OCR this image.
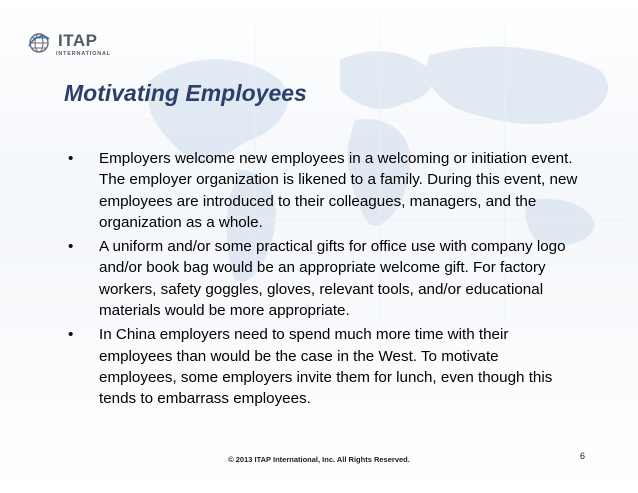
ITAP
INTERNATIONAL
Motivating Employees
• Employers welcome new employees in a welcoming or initiation event. The employer organization is likened to a family. During this event, new employees are introduced to their colleagues, managers, and the organization as a whole.
• A uniform and/or some practical gifts for office use with company logo and/or book bag would be an appropriate welcome gift. For factory workers, safety goggles, gloves, relevant tools, and/or educational materials would be more appropriate.
• In China employers need to spend much more time with their employees than would be the case in the West. To motivate employees, some employers invite them for lunch, even though this tends to embarrass employees.
© 2013 ITAP International, Inc. All Rights Reserved.	6
